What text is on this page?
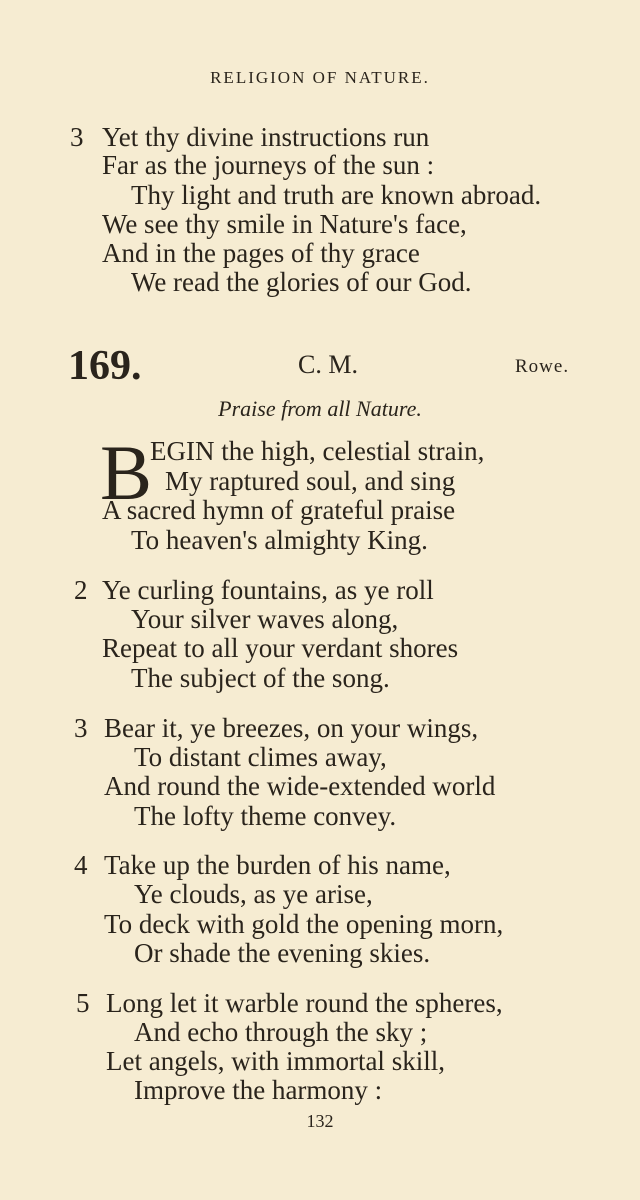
RELIGION OF NATURE.
3 Yet thy divine instructions run
Far as the journeys of the sun :
Thy light and truth are known abroad.
We see thy smile in Nature's face,
And in the pages of thy grace
We read the glories of our God.
169.	C. M.	Rowe.
Praise from all Nature.
B
EGIN the high, celestial strain,
My raptured soul, and sing
A sacred hymn of grateful praise
To heaven's almighty King.
2 Ye curling fountains, as ye roll
Your silver waves along,
Repeat to all your verdant shores
The subject of the song.
3 Bear it, ye breezes, on your wings,
To distant climes away,
And round the wide-extended world
The lofty theme convey.
4 Take up the burden of his name,
Ye clouds, as ye arise,
To deck with gold the opening morn,
Or shade the evening skies.
5 Long let it warble round the spheres,
And echo through the sky ;
Let angels, with immortal skill,
Improve the harmony :
132
